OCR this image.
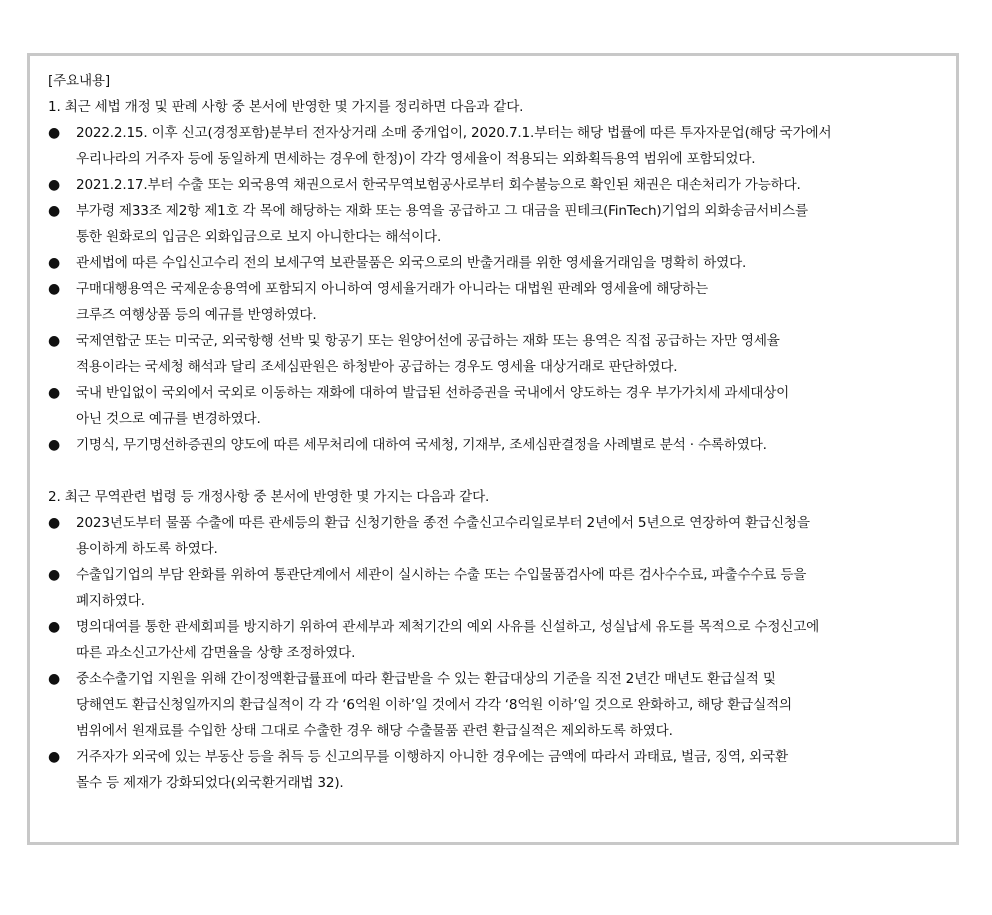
[주요내용]
1. 최근 세법 개정 및 판례 사항 중 본서에 반영한 몇 가지를 정리하면 다음과 같다.
●	2022.2.15. 이후 신고(경정포함)분부터 전자상거래 소매 중개업이, 2020.7.1.부터는 해당 법률에 따른 투자자문업(해당 국가에서
우리나라의 거주자 등에 동일하게 면세하는 경우에 한정)이 각각 영세율이 적용되는 외화획득용역 범위에 포함되었다.
●	2021.2.17.부터 수출 또는 외국용역 채권으로서 한국무역보험공사로부터 회수불능으로 확인된 채권은 대손처리가 가능하다.
●	부가령 제33조 제2항 제1호 각 목에 해당하는 재화 또는 용역을 공급하고 그 대금을 핀테크(FinTech)기업의 외화송금서비스를
통한 원화로의 입금은 외화입금으로 보지 아니한다는 해석이다.
●	관세법에 따른 수입신고수리 전의 보세구역 보관물품은 외국으로의 반출거래를 위한 영세율거래임을 명확히 하였다.
●	구매대행용역은 국제운송용역에 포함되지 아니하여 영세율거래가 아니라는 대법원 판례와 영세율에 해당하는
크루즈 여행상품 등의 예규를 반영하였다.
●	국제연합군 또는 미국군, 외국항행 선박 및 항공기 또는 원양어선에 공급하는 재화 또는 용역은 직접 공급하는 자만 영세율
적용이라는 국세청 해석과 달리 조세심판원은 하청받아 공급하는 경우도 영세율 대상거래로 판단하였다.
●	국내 반입없이 국외에서 국외로 이동하는 재화에 대하여 발급된 선하증권을 국내에서 양도하는 경우 부가가치세 과세대상이
아닌 것으로 예규를 변경하였다.
●	기명식, 무기명선하증권의 양도에 따른 세무처리에 대하여 국세청, 기재부, 조세심판결정을 사례별로 분석 · 수록하였다.
2. 최근 무역관련 법령 등 개정사항 중 본서에 반영한 몇 가지는 다음과 같다.
●	2023년도부터 물품 수출에 따른 관세등의 환급 신청기한을 종전 수출신고수리일로부터 2년에서 5년으로 연장하여 환급신청을
용이하게 하도록 하였다.
●	수출입기업의 부담 완화를 위하여 통관단계에서 세관이 실시하는 수출 또는 수입물품검사에 따른 검사수수료, 파출수수료 등을
폐지하였다.
●	명의대여를 통한 관세회피를 방지하기 위하여 관세부과 제척기간의 예외 사유를 신설하고, 성실납세 유도를 목적으로 수정신고에
따른 과소신고가산세 감면율을 상향 조정하였다.
●	중소수출기업 지원을 위해 간이정액환급률표에 따라 환급받을 수 있는 환급대상의 기준을 직전 2년간 매년도 환급실적 및
당해연도 환급신청일까지의 환급실적이 각 각 ‘6억원 이하’일 것에서 각각 ‘8억원 이하’일 것으로 완화하고, 해당 환급실적의
범위에서 원재료를 수입한 상태 그대로 수출한 경우 해당 수출물품 관련 환급실적은 제외하도록 하였다.
●	거주자가 외국에 있는 부동산 등을 취득 등 신고의무를 이행하지 아니한 경우에는 금액에 따라서 과태료, 벌금, 징역, 외국환
몰수 등 제재가 강화되었다(외국환거래법 32).
